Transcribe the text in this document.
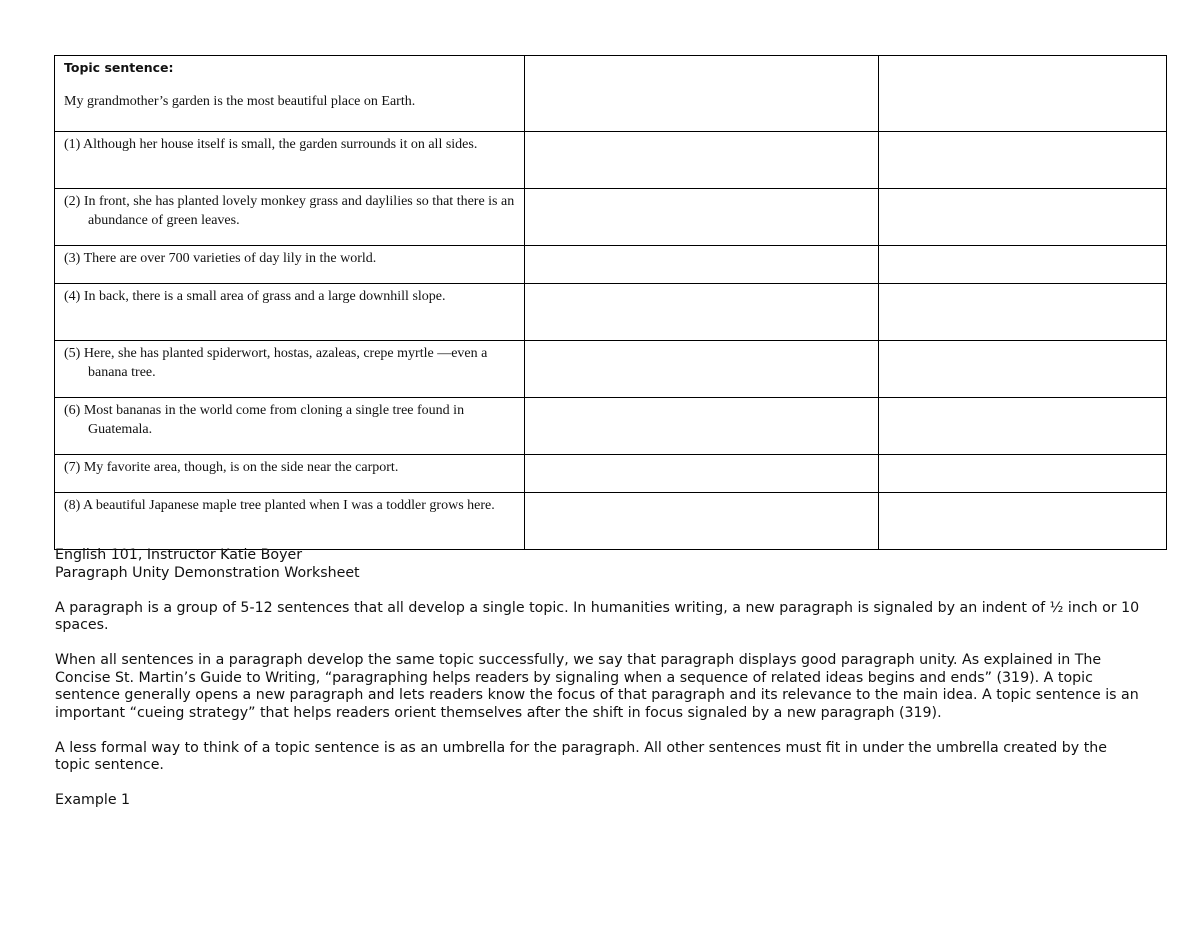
Topic sentence:
My grandmother’s garden is the most beautiful place on Earth.		

(1) Although her house itself is small, the garden surrounds it on all sides.		

(2) In front, she has planted lovely monkey grass and daylilies so that there is an abundance of green leaves.		

(3) There are over 700 varieties of day lily in the world.		

(4) In back, there is a small area of grass and a large downhill slope.		

(5) Here, she has planted spiderwort, hostas, azaleas, crepe myrtle —even a banana tree.		

(6) Most bananas in the world come from cloning a single tree found in Guatemala.		

(7) My favorite area, though, is on the side near the carport.		

(8) A beautiful Japanese maple tree planted when I was a toddler grows here.		

English 101, Instructor Katie Boyer

Paragraph Unity Demonstration Worksheet

A paragraph is a group of 5-12 sentences that all develop a single topic. In humanities writing, a new paragraph is signaled by an indent of ½ inch or 10 spaces.

When all sentences in a paragraph develop the same topic successfully, we say that paragraph displays good paragraph unity. As explained in The Concise St. Martin’s Guide to Writing, “paragraphing helps readers by signaling when a sequence of related ideas begins and ends” (319). A topic sentence generally opens a new paragraph and lets readers know the focus of that paragraph and its relevance to the main idea. A topic sentence is an important “cueing strategy” that helps readers orient themselves after the shift in focus signaled by a new paragraph (319).

A less formal way to think of a topic sentence is as an umbrella for the paragraph. All other sentences must fit in under the umbrella created by the topic sentence.

Example 1
